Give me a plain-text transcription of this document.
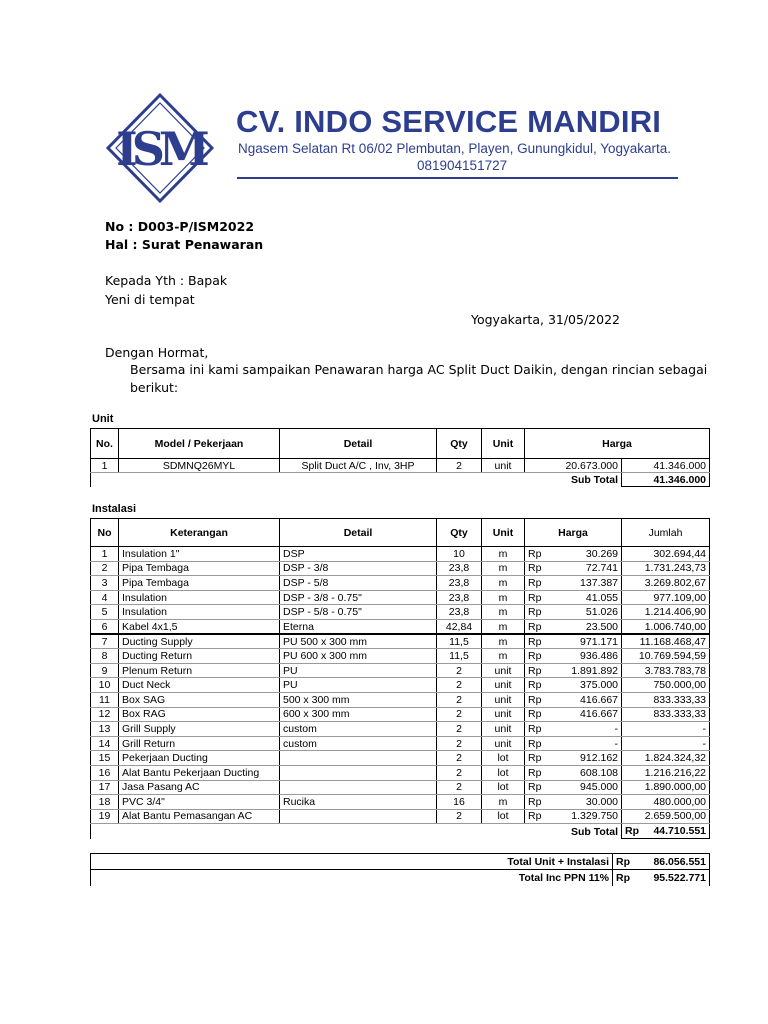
ISM
CV. INDO SERVICE MANDIRI
Ngasem Selatan Rt 06/02 Plembutan, Playen, Gunungkidul, Yogyakarta.
081904151727
No : D003-P/ISM2022
Hal : Surat Penawaran
Kepada Yth : Bapak
Yeni di tempat
Yogyakarta, 31/05/2022
Dengan Hormat,
Bersama ini kami sampaikan Penawaran harga AC Split Duct Daikin, dengan rincian sebagai
berikut:
Unit
No.	Model / Pekerjaan	Detail	Qty	Unit	Harga	
1	SDMNQ26MYL	Split Duct A/C , Inv, 3HP	2	unit	20.673.000	41.346.000
					Sub Total	41.346.000
Instalasi
No	Keterangan	Detail	Qty	Unit	Harga		Jumlah
1	Insulation 1"	DSP	10	m	Rp	30.269	302.694,44
2	Pipa Tembaga	DSP - 3/8	23,8	m	Rp	72.741	1.731.243,73
3	Pipa Tembaga	DSP - 5/8	23,8	m	Rp	137.387	3.269.802,67
4	Insulation	DSP - 3/8 - 0.75"	23,8	m	Rp	41.055	977.109,00
5	Insulation	DSP - 5/8 - 0.75"	23,8	m	Rp	51.026	1.214.406,90
6	Kabel 4x1,5	Eterna	42,84	m	Rp	23.500	1.006.740,00
7	Ducting Supply	PU 500 x 300 mm	11,5	m	Rp	971.171	11.168.468,47
8	Ducting Return	PU 600 x 300 mm	11,5	m	Rp	936.486	10.769.594,59
9	Plenum Return	PU	2	unit	Rp	1.891.892	3.783.783,78
10	Duct Neck	PU	2	unit	Rp	375.000	750.000,00
11	Box SAG	500 x 300 mm	2	unit	Rp	416.667	833.333,33
12	Box RAG	600 x 300 mm	2	unit	Rp	416.667	833.333,33
13	Grill Supply	custom	2	unit	Rp	-	-
14	Grill Return	custom	2	unit	Rp	-	-
15	Pekerjaan Ducting		2	lot	Rp	912.162	1.824.324,32
16	Alat Bantu Pekerjaan Ducting		2	lot	Rp	608.108	1.216.216,22
17	Jasa Pasang AC		2	lot	Rp	945.000	1.890.000,00
18	PVC 3/4"	Rucika	16	m	Rp	30.000	480.000,00
19	Alat Bantu Pemasangan AC		2	lot	Rp	1.329.750	2.659.500,00
					Sub Total		Rp 44.710.551
Total Unit + Instalasi	Rp	86.056.551
Total Inc PPN 11%	Rp	95.522.771
